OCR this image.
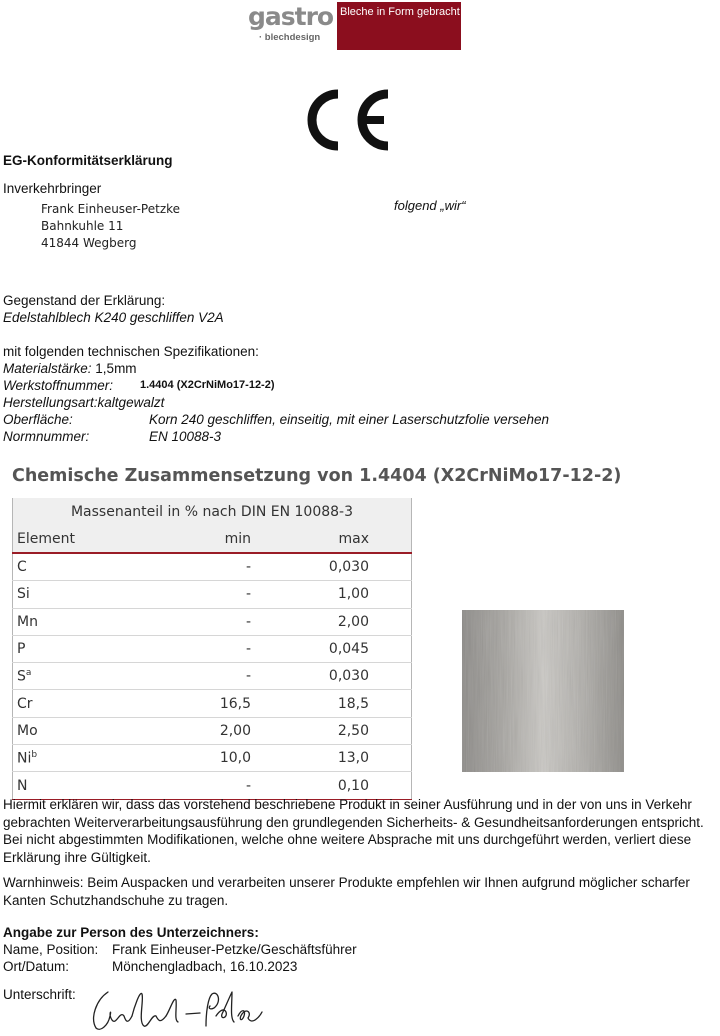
gastro
· blechdesign
Bleche in Form gebracht
EG-Konformitätserklärung
Inverkehrbringer
Frank Einheuser-Petzke
Bahnkuhle 11
41844 Wegberg
folgend „wir“
Gegenstand der Erklärung:
Edelstahlblech K240 geschliffen V2A
mit folgenden technischen Spezifikationen:
Materialstärke: 1,5mm
Werkstoffnummer: 1.4404 (X2CrNiMo17-12-2)
Herstellungsart:kaltgewalzt
Oberfläche:	Korn 240 geschliffen, einseitig, mit einer Laserschutzfolie versehen
Normnummer:	EN 10088-3
Chemische Zusammensetzung von 1.4404 (X2CrNiMo17-12-2)
Massenanteil in % nach DIN EN 10088-3		
Element	min	max
C	-	0,030
Si	-	1,00
Mn	-	2,00
P	-	0,045
$S^a$	-	0,030
Cr	16,5	18,5
Mo	2,00	2,50
Ni$^b$	10,0	13,0
N	-	0,10
Hiermit erklären wir, dass das vorstehend beschriebene Produkt in seiner Ausführung und in der von uns in Verkehr gebrachten Weiterverarbeitungsausführung den grundlegenden Sicherheits- & Gesundheitsanforderungen entspricht. Bei nicht abgestimmten Modifikationen, welche ohne weitere Absprache mit uns durchgeführt werden, verliert diese Erklärung ihre Gültigkeit.
Warnhinweis: Beim Auspacken und verarbeiten unserer Produkte empfehlen wir Ihnen aufgrund möglicher scharfer Kanten Schutzhandschuhe zu tragen.
Angabe zur Person des Unterzeichners:
Name, Position: Frank Einheuser-Petzke/Geschäftsführer
Ort/Datum:	Mönchengladbach, 16.10.2023
Unterschrift:
